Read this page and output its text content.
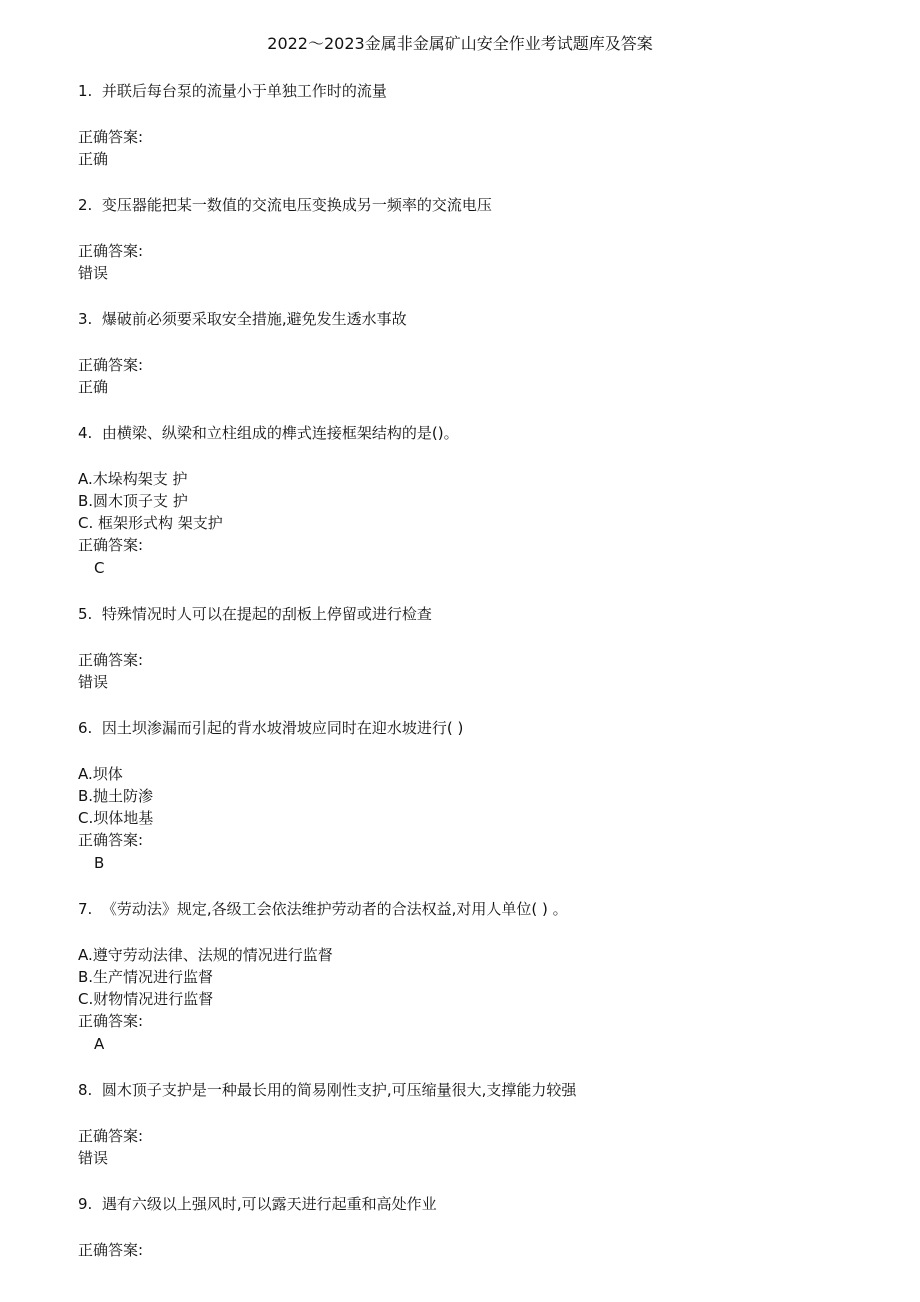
2022～2023金属非金属矿山安全作业考试题库及答案
1. 并联后每台泵的流量小于单独工作时的流量
正确答案:
正确
2. 变压器能把某一数值的交流电压变换成另一频率的交流电压
正确答案:
错误
3. 爆破前必须要采取安全措施,避免发生透水事故
正确答案:
正确
4. 由横梁、纵梁和立柱组成的榫式连接框架结构的是()。
A.木垛构架支 护
B.圆木顶子支 护
C. 框架形式构 架支护
正确答案:
C
5. 特殊情况时人可以在提起的刮板上停留或进行检查
正确答案:
错误
6. 因土坝渗漏而引起的背水坡滑坡应同时在迎水坡进行( )
A.坝体
B.抛土防渗
C.坝体地基
正确答案:
B
7. 《劳动法》规定,各级工会依法维护劳动者的合法权益,对用人单位( ) 。
A.遵守劳动法律、法规的情况进行监督
B.生产情况进行监督
C.财物情况进行监督
正确答案:
A
8. 圆木顶子支护是一种最长用的简易刚性支护,可压缩量很大,支撑能力较强
正确答案:
错误
9. 遇有六级以上强风时,可以露天进行起重和高处作业
正确答案:
